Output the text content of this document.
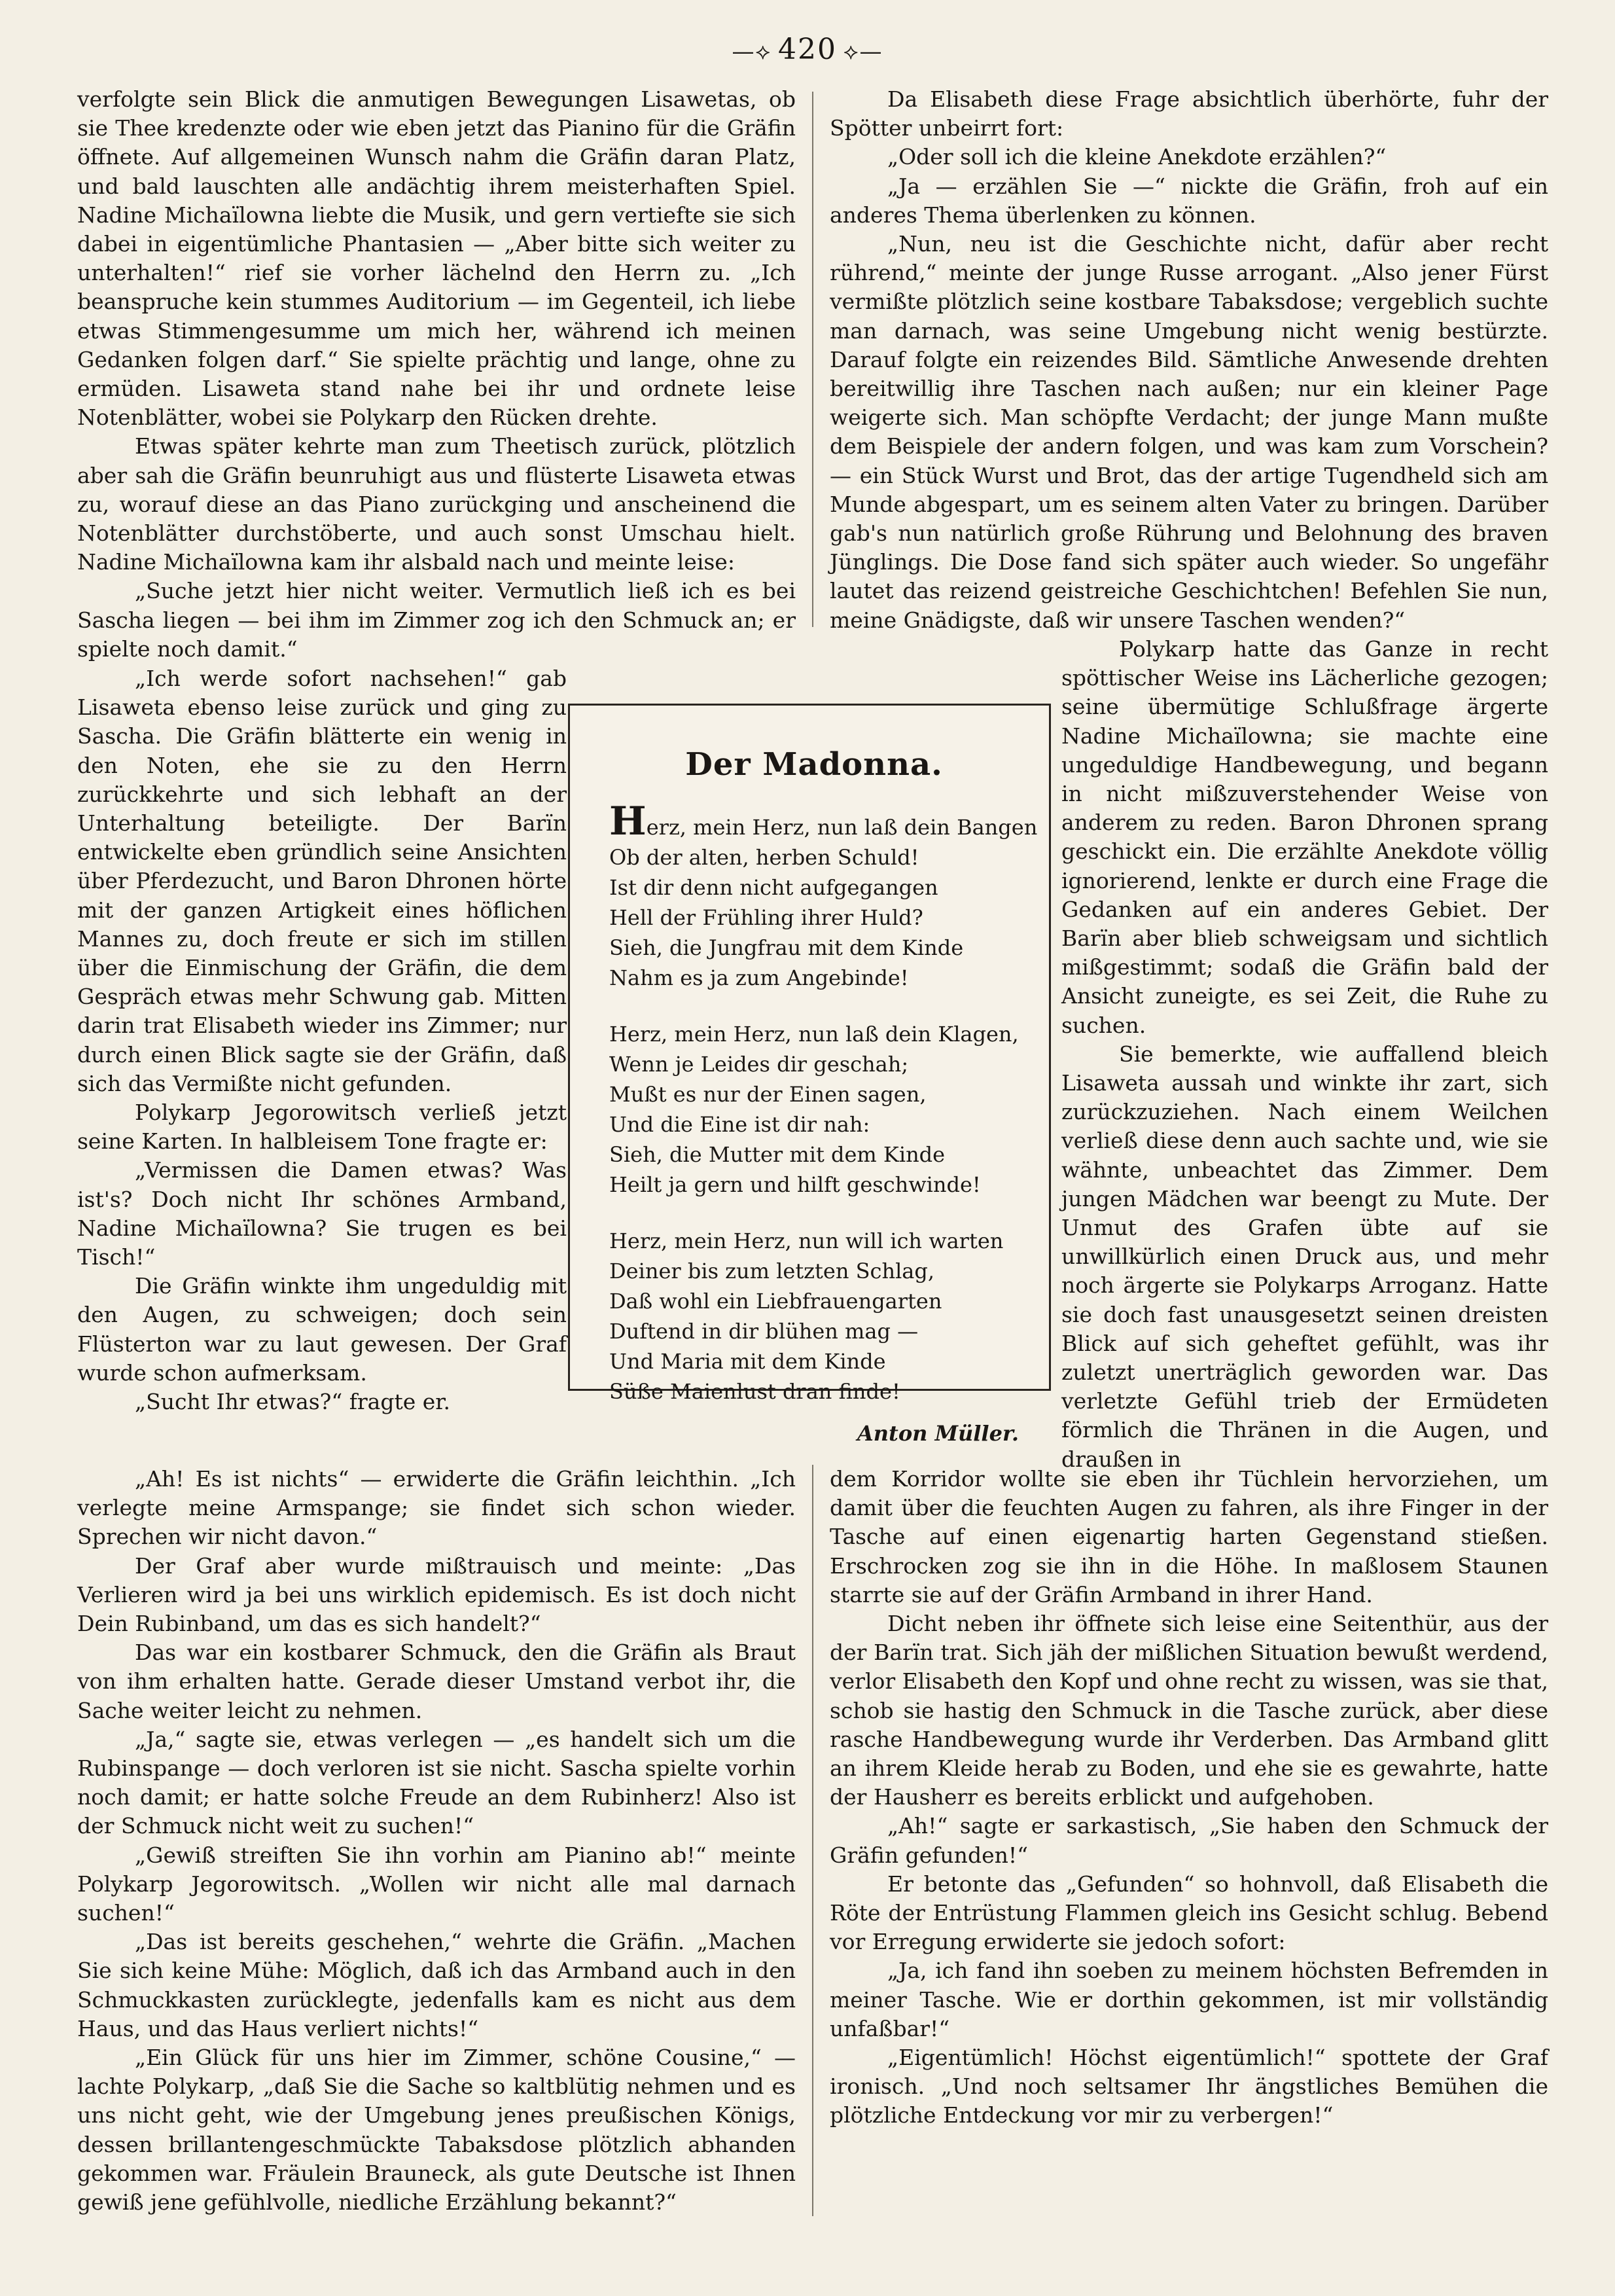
—⟡ 420 ⟡—

verfolgte sein Blick die anmutigen Bewegungen Lisawetas, ob sie Thee kredenzte oder wie eben jetzt das Pianino für die Gräfin öffnete. Auf allgemeinen Wunsch nahm die Gräfin daran Platz, und bald lauschten alle andächtig ihrem meisterhaften Spiel. Nadine Michaïlowna liebte die Musik, und gern vertiefte sie sich dabei in eigentümliche Phantasien — „Aber bitte sich weiter zu unterhalten!“ rief sie vorher lächelnd den Herrn zu. „Ich beanspruche kein stummes Auditorium — im Gegenteil, ich liebe etwas Stimmengesumme um mich her, während ich meinen Gedanken folgen darf.“ Sie spielte prächtig und lange, ohne zu ermüden. Lisaweta stand nahe bei ihr und ordnete leise Notenblätter, wobei sie Polykarp den Rücken drehte.

Etwas später kehrte man zum Theetisch zurück, plötzlich aber sah die Gräfin beunruhigt aus und flüsterte Lisaweta etwas zu, worauf diese an das Piano zurückging und anscheinend die Notenblätter durchstöberte, und auch sonst Umschau hielt. Nadine Michaïlowna kam ihr alsbald nach und meinte leise:

„Suche jetzt hier nicht weiter. Vermutlich ließ ich es bei Sascha liegen — bei ihm im Zimmer zog ich den Schmuck an; er spielte noch damit.“

„Ich werde sofort nachsehen!“ gab Lisaweta ebenso leise zurück und ging zu Sascha. Die Gräfin blätterte ein wenig in den Noten, ehe sie zu den Herrn zurückkehrte und sich lebhaft an der Unterhaltung beteiligte. Der Barïn entwickelte eben gründlich seine Ansichten über Pferdezucht, und Baron Dhronen hörte mit der ganzen Artigkeit eines höflichen Mannes zu, doch freute er sich im stillen über die Einmischung der Gräfin, die dem Gespräch etwas mehr Schwung gab. Mitten darin trat Elisabeth wieder ins Zimmer; nur durch einen Blick sagte sie der Gräfin, daß sich das Vermißte nicht gefunden.

Polykarp Jegorowitsch verließ jetzt seine Karten. In halbleisem Tone fragte er:

„Vermissen die Damen etwas? Was ist's? Doch nicht Ihr schönes Armband, Nadine Michaïlowna? Sie trugen es bei Tisch!“

Die Gräfin winkte ihm ungeduldig mit den Augen, zu schweigen; doch sein Flüsterton war zu laut gewesen. Der Graf wurde schon aufmerksam.

„Sucht Ihr etwas?“ fragte er.

„Ah! Es ist nichts“ — erwiderte die Gräfin leichthin. „Ich verlegte meine Armspange; sie findet sich schon wieder. Sprechen wir nicht davon.“

Der Graf aber wurde mißtrauisch und meinte: „Das Verlieren wird ja bei uns wirklich epidemisch. Es ist doch nicht Dein Rubinband, um das es sich handelt?“

Das war ein kostbarer Schmuck, den die Gräfin als Braut von ihm erhalten hatte. Gerade dieser Umstand verbot ihr, die Sache weiter leicht zu nehmen.

„Ja,“ sagte sie, etwas verlegen — „es handelt sich um die Rubinspange — doch verloren ist sie nicht. Sascha spielte vorhin noch damit; er hatte solche Freude an dem Rubinherz! Also ist der Schmuck nicht weit zu suchen!“

„Gewiß streiften Sie ihn vorhin am Pianino ab!“ meinte Polykarp Jegorowitsch. „Wollen wir nicht alle mal darnach suchen!“

„Das ist bereits geschehen,“ wehrte die Gräfin. „Machen Sie sich keine Mühe: Möglich, daß ich das Armband auch in den Schmuckkasten zurücklegte, jedenfalls kam es nicht aus dem Haus, und das Haus verliert nichts!“

„Ein Glück für uns hier im Zimmer, schöne Cousine,“ — lachte Polykarp, „daß Sie die Sache so kaltblütig nehmen und es uns nicht geht, wie der Umgebung jenes preußischen Königs, dessen brillantengeschmückte Tabaksdose plötzlich abhanden gekommen war. Fräulein Brauneck, als gute Deutsche ist Ihnen gewiß jene gefühlvolle, niedliche Erzählung bekannt?“

Da Elisabeth diese Frage absichtlich überhörte, fuhr der Spötter unbeirrt fort:

„Oder soll ich die kleine Anekdote erzählen?“

„Ja — erzählen Sie —“ nickte die Gräfin, froh auf ein anderes Thema überlenken zu können.

„Nun, neu ist die Geschichte nicht, dafür aber recht rührend,“ meinte der junge Russe arrogant. „Also jener Fürst vermißte plötzlich seine kostbare Tabaksdose; vergeblich suchte man darnach, was seine Umgebung nicht wenig bestürzte. Darauf folgte ein reizendes Bild. Sämtliche Anwesende drehten bereitwillig ihre Taschen nach außen; nur ein kleiner Page weigerte sich. Man schöpfte Verdacht; der junge Mann mußte dem Beispiele der andern folgen, und was kam zum Vorschein? — ein Stück Wurst und Brot, das der artige Tugendheld sich am Munde abgespart, um es seinem alten Vater zu bringen. Darüber gab's nun natürlich große Rührung und Belohnung des braven Jünglings. Die Dose fand sich später auch wieder. So ungefähr lautet das reizend geistreiche Geschichtchen! Befehlen Sie nun, meine Gnädigste, daß wir unsere Taschen wenden?“

Polykarp hatte das Ganze in recht spöttischer Weise ins Lächerliche gezogen; seine übermütige Schlußfrage ärgerte Nadine Michaïlowna; sie machte eine ungeduldige Handbewegung, und begann in nicht mißzuverstehender Weise von anderem zu reden. Baron Dhronen sprang geschickt ein. Die erzählte Anekdote völlig ignorierend, lenkte er durch eine Frage die Gedanken auf ein anderes Gebiet. Der Barïn aber blieb schweigsam und sichtlich mißgestimmt; sodaß die Gräfin bald der Ansicht zuneigte, es sei Zeit, die Ruhe zu suchen.

Sie bemerkte, wie auffallend bleich Lisaweta aussah und winkte ihr zart, sich zurückzuziehen. Nach einem Weilchen verließ diese denn auch sachte und, wie sie wähnte, unbeachtet das Zimmer. Dem jungen Mädchen war beengt zu Mute. Der Unmut des Grafen übte auf sie unwillkürlich einen Druck aus, und mehr noch ärgerte sie Polykarps Arroganz. Hatte sie doch fast unausgesetzt seinen dreisten Blick auf sich geheftet gefühlt, was ihr zuletzt unerträglich geworden war. Das verletzte Gefühl trieb der Ermüdeten förmlich die Thränen in die Augen, und draußen in

dem Korridor wollte sie eben ihr Tüchlein hervorziehen, um damit über die feuchten Augen zu fahren, als ihre Finger in der Tasche auf einen eigenartig harten Gegenstand stießen. Erschrocken zog sie ihn in die Höhe. In maßlosem Staunen starrte sie auf der Gräfin Armband in ihrer Hand.

Dicht neben ihr öffnete sich leise eine Seitenthür, aus der der Barïn trat. Sich jäh der mißlichen Situation bewußt werdend, verlor Elisabeth den Kopf und ohne recht zu wissen, was sie that, schob sie hastig den Schmuck in die Tasche zurück, aber diese rasche Handbewegung wurde ihr Verderben. Das Armband glitt an ihrem Kleide herab zu Boden, und ehe sie es gewahrte, hatte der Hausherr es bereits erblickt und aufgehoben.

„Ah!“ sagte er sarkastisch, „Sie haben den Schmuck der Gräfin gefunden!“

Er betonte das „Gefunden“ so hohnvoll, daß Elisabeth die Röte der Entrüstung Flammen gleich ins Gesicht schlug. Bebend vor Erregung erwiderte sie jedoch sofort:

„Ja, ich fand ihn soeben zu meinem höchsten Befremden in meiner Tasche. Wie er dorthin gekommen, ist mir vollständig unfaßbar!“

„Eigentümlich! Höchst eigentümlich!“ spottete der Graf ironisch. „Und noch seltsamer Ihr ängstliches Bemühen die plötzliche Entdeckung vor mir zu verbergen!“

Der Madonna.
Herz, mein Herz, nun laß dein Bangen
Ob der alten, herben Schuld!
Ist dir denn nicht aufgegangen
Hell der Frühling ihrer Huld?
Sieh, die Jungfrau mit dem Kinde
Nahm es ja zum Angebinde!
Herz, mein Herz, nun laß dein Klagen,
Wenn je Leides dir geschah;
Mußt es nur der Einen sagen,
Und die Eine ist dir nah:
Sieh, die Mutter mit dem Kinde
Heilt ja gern und hilft geschwinde!
Herz, mein Herz, nun will ich warten
Deiner bis zum letzten Schlag,
Daß wohl ein Liebfrauengarten
Duftend in dir blühen mag —
Und Maria mit dem Kinde
Süße Maienlust dran finde!
Anton Müller.
